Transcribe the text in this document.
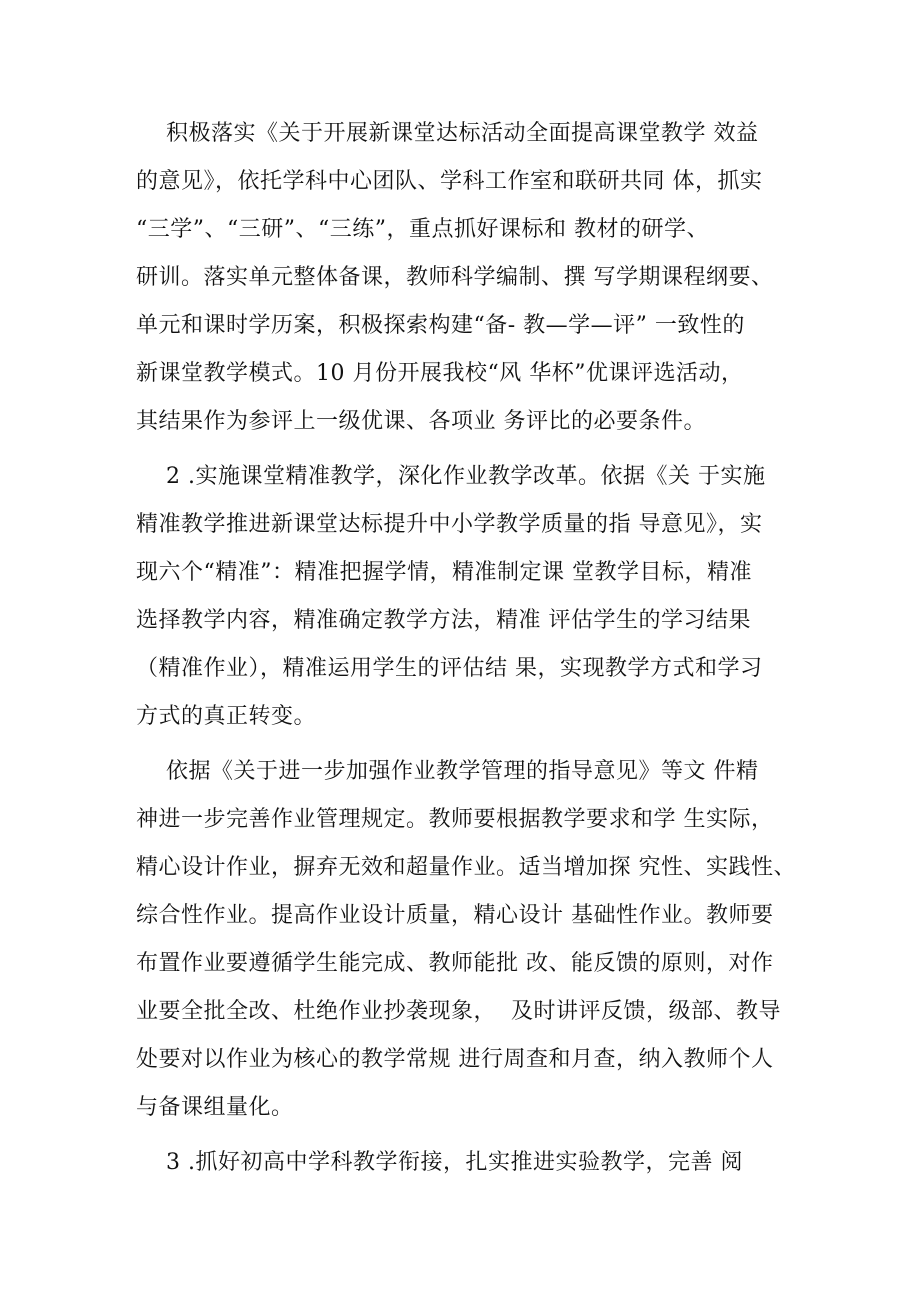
积极落实《关于开展新课堂达标活动全面提高课堂教学 效益
的意见》，依托学科中心团队、学科工作室和联研共同 体，抓实
“三学”、“三研”、“三练”，重点抓好课标和 教材的研学、
研训。落实单元整体备课，教师科学编制、撰 写学期课程纲要、
单元和课时学历案，积极探索构建“备- 教—学—评” 一致性的
新课堂教学模式。10 月份开展我校“风 华杯”优课评选活动，
其结果作为参评上一级优课、各项业 务评比的必要条件。
2 .实施课堂精准教学，深化作业教学改革。依据《关 于实施
精准教学推进新课堂达标提升中小学教学质量的指 导意见》，实
现六个“精准”：精准把握学情，精准制定课 堂教学目标，精准
选择教学内容，精准确定教学方法，精准 评估学生的学习结果
（精准作业），精准运用学生的评估结 果，实现教学方式和学习
方式的真正转变。
依据《关于进一步加强作业教学管理的指导意见》等文 件精
神进一步完善作业管理规定。教师要根据教学要求和学 生实际，
精心设计作业，摒弃无效和超量作业。适当增加探 究性、实践性、
综合性作业。提高作业设计质量，精心设计 基础性作业。教师要
布置作业要遵循学生能完成、教师能批 改、能反馈的原则，对作
业要全批全改、杜绝作业抄袭现象，  及时讲评反馈，级部、教导
处要对以作业为核心的教学常规 进行周查和月查，纳入教师个人
与备课组量化。
3 .抓好初高中学科教学衔接，扎实推进实验教学，完善 阅
